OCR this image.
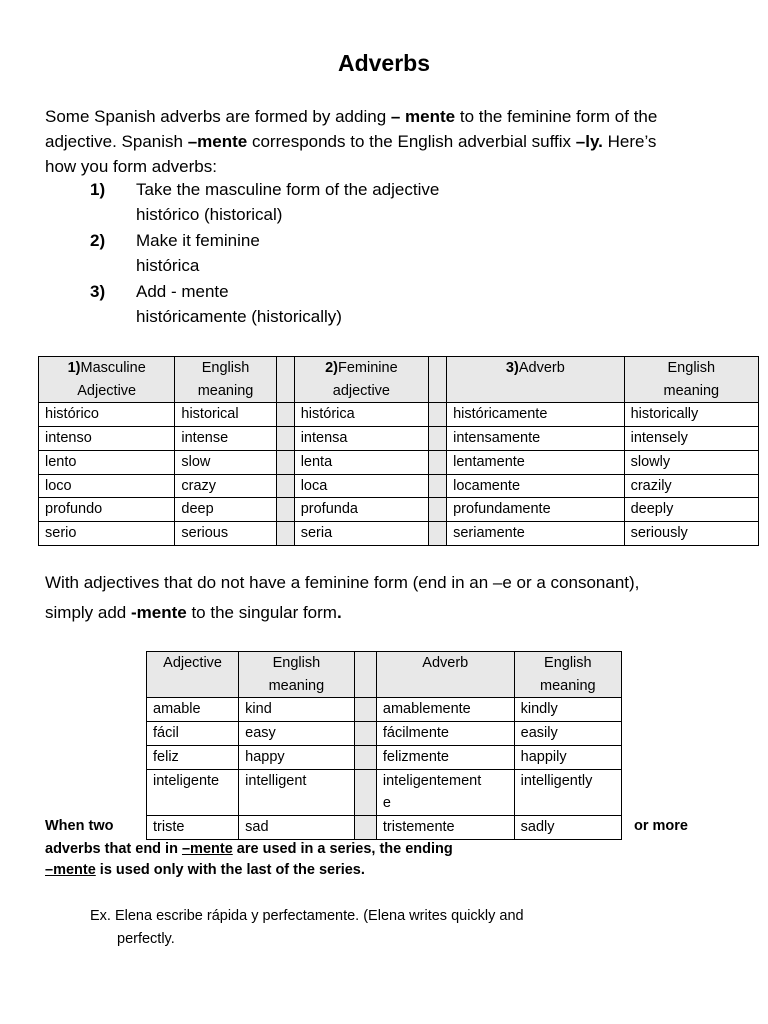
Adverbs
Some Spanish adverbs are formed by adding – mente to the feminine form of the
adjective. Spanish –mente corresponds to the English adverbial suffix –ly. Here’s
how you form adverbs:
1) Take the masculine form of the adjective
histórico (historical)
2) Make it feminine
histórica
3) Add - mente
históricamente (historically)
1)Masculine
Adjective	English
meaning		2)Feminine
adjective		3)Adverb	English
meaning
histórico	historical		histórica		históricamente	historically
intenso	intense		intensa		intensamente	intensely
lento	slow		lenta		lentamente	slowly
loco	crazy		loca		locamente	crazily
profundo	deep		profunda		profundamente	deeply
serio	serious		seria		seriamente	seriously
With adjectives that do not have a feminine form (end in an –e or a consonant),
simply add -mente to the singular form.
Adjective	English
meaning		Adverb	English
meaning
amable	kind		amablemente	kindly
fácil	easy		fácilmente	easily
feliz	happy		felizmente	happily
inteligente	intelligent		inteligentement
e	intelligently
triste	sad		tristemente	sadly
When two	or more
adverbs that end in –mente are used in a series, the ending
–mente is used only with the last of the series.
Ex. Elena escribe rápida y perfectamente. (Elena writes quickly and
perfectly.
